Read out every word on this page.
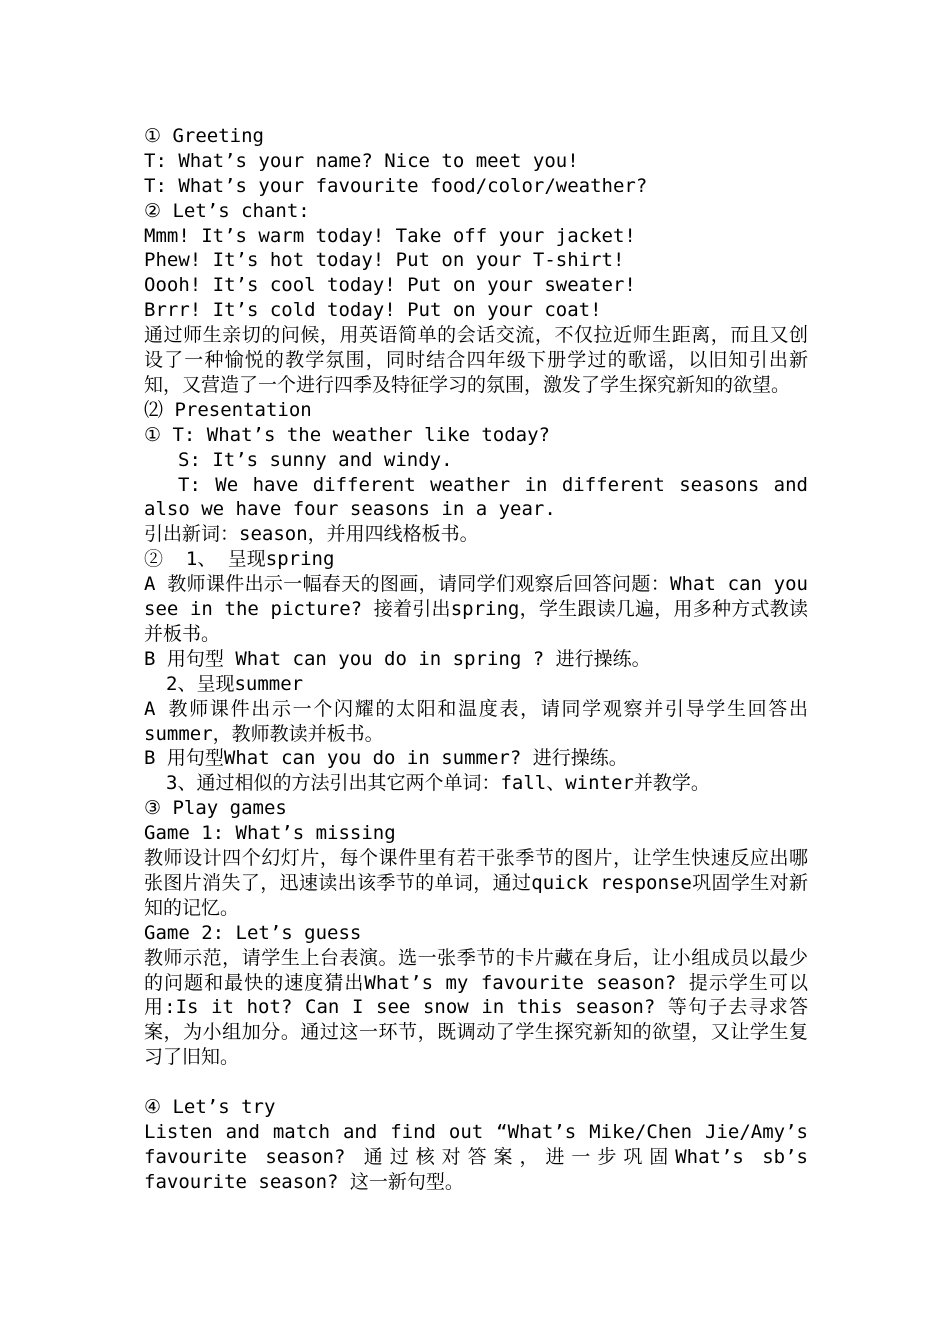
① Greeting
T: What’s your name? Nice to meet you!
T: What’s your favourite food/color/weather?
② Let’s chant:
Mmm! It’s warm today! Take off your jacket!
Phew! It’s hot today! Put on your T-shirt!
Oooh! It’s cool today! Put on your sweater!
Brrr! It’s cold today! Put on your coat!
通过师生亲切的问候，用英语简单的会话交流，不仅拉近师生距离，而且又创设了一种愉悦的教学氛围，同时结合四年级下册学过的歌谣，以旧知引出新知，又营造了一个进行四季及特征学习的氛围，激发了学生探究新知的欲望。
⑵ Presentation
① T: What’s the weather like today?
S: It’s sunny and windy.
T: We have different weather in different seasons and also we have four seasons in a year.
引出新词：season，并用四线格板书。
②  1、 呈现spring
A 教师课件出示一幅春天的图画，请同学们观察后回答问题：What can you see in the picture? 接着引出spring，学生跟读几遍，用多种方式教读并板书。
B 用句型 What can you do in spring ? 进行操练。
2、呈现summer
A 教师课件出示一个闪耀的太阳和温度表，请同学观察并引导学生回答出summer，教师教读并板书。
B 用句型What can you do in summer? 进行操练。
3、通过相似的方法引出其它两个单词：fall、winter并教学。
③ Play games
Game 1: What’s missing
教师设计四个幻灯片，每个课件里有若干张季节的图片，让学生快速反应出哪张图片消失了，迅速读出该季节的单词，通过quick response巩固学生对新知的记忆。
Game 2: Let’s guess
教师示范，请学生上台表演。选一张季节的卡片藏在身后，让小组成员以最少的问题和最快的速度猜出What’s my favourite season? 提示学生可以用:Is it hot? Can I see snow in this season? 等句子去寻求答案，为小组加分。通过这一环节，既调动了学生探究新知的欲望，又让学生复习了旧知。
④ Let’s try
Listen and match and find out “What’s Mike/Chen Jie/Amy’s favourite season? 通过核对答案，进一步巩固What’s sb’s favourite season? 这一新句型。
